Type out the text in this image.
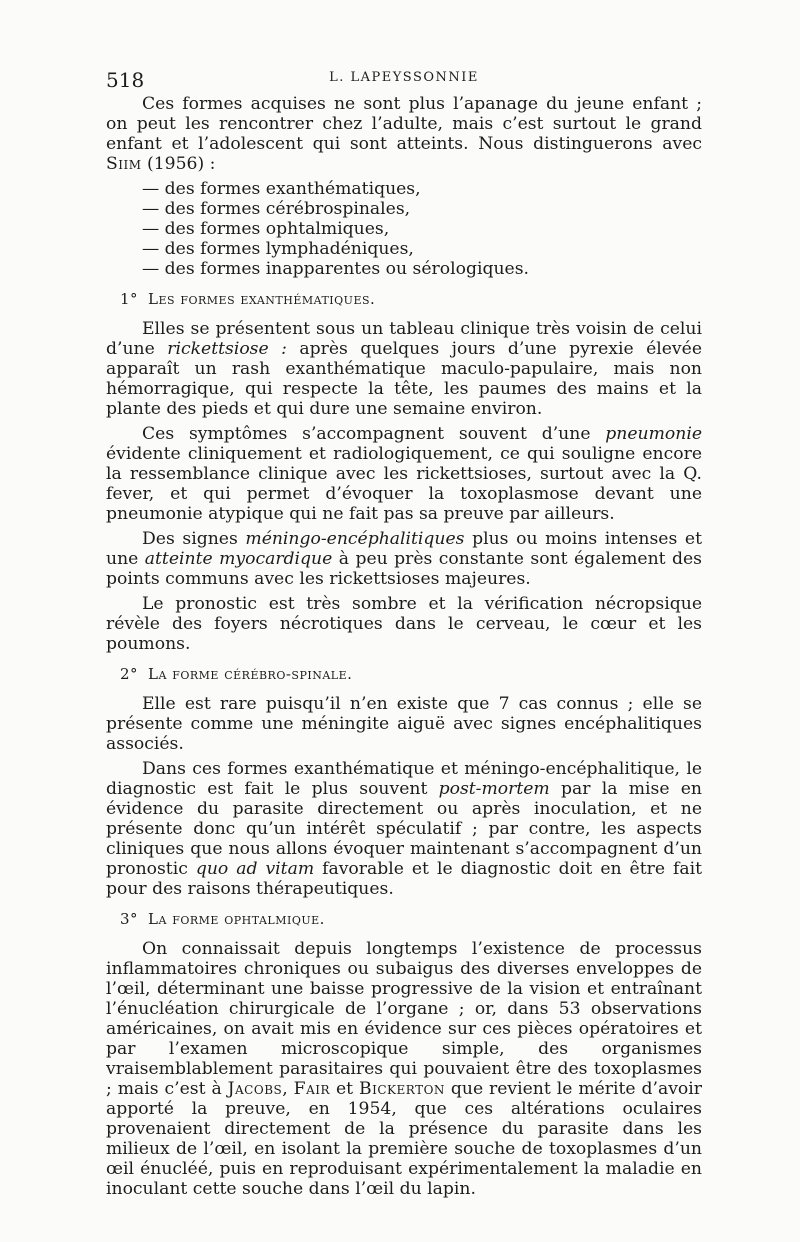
518	L. LAPEYSSONNIE

Ces formes acquises ne sont plus l’apanage du jeune enfant ; on peut les rencontrer chez l’adulte, mais c’est surtout le grand enfant et l’adolescent qui sont atteints. Nous distinguerons avec Siim (1956) :

— des formes exanthématiques,
— des formes cérébrospinales,
— des formes ophtalmiques,
— des formes lymphadéniques,
— des formes inapparentes ou sérologiques.
1° Les formes exanthématiques.

Elles se présentent sous un tableau clinique très voisin de celui d’une rickettsiose : après quelques jours d’une pyrexie élevée apparaît un rash exanthématique maculo-papulaire, mais non hémorragique, qui respecte la tête, les paumes des mains et la plante des pieds et qui dure une semaine environ.

Ces symptômes s’accompagnent souvent d’une pneumonie évidente cliniquement et radiologiquement, ce qui souligne encore la ressemblance clinique avec les rickettsioses, surtout avec la Q. fever, et qui permet d’évoquer la toxoplasmose devant une pneumonie atypique qui ne fait pas sa preuve par ailleurs.

Des signes méningo-encéphalitiques plus ou moins intenses et une atteinte myocardique à peu près constante sont également des points communs avec les rickettsioses majeures.

Le pronostic est très sombre et la vérification nécropsique révèle des foyers nécrotiques dans le cerveau, le cœur et les poumons.

2° La forme cérébro-spinale.

Elle est rare puisqu’il n’en existe que 7 cas connus ; elle se présente comme une méningite aiguë avec signes encéphalitiques associés.

Dans ces formes exanthématique et méningo-encéphalitique, le diagnostic est fait le plus souvent post-mortem par la mise en évidence du parasite directement ou après inoculation, et ne présente donc qu’un intérêt spéculatif ; par contre, les aspects cliniques que nous allons évoquer maintenant s’accompagnent d’un pronostic quo ad vitam favorable et le diagnostic doit en être fait pour des raisons thérapeutiques.

3° La forme ophtalmique.

On connaissait depuis longtemps l’existence de processus inflammatoires chroniques ou subaigus des diverses enveloppes de l’œil, déterminant une baisse progressive de la vision et entraînant l’énucléation chirurgicale de l’organe ; or, dans 53 observations américaines, on avait mis en évidence sur ces pièces opératoires et par l’examen microscopique simple, des organismes vraisemblablement parasitaires qui pouvaient être des toxoplasmes ; mais c’est à Jacobs, Fair et Bickerton que revient le mérite d’avoir apporté la preuve, en 1954, que ces altérations oculaires provenaient directement de la présence du parasite dans les milieux de l’œil, en isolant la première souche de toxoplasmes d’un œil énucléé, puis en reproduisant expérimentalement la maladie en inoculant cette souche dans l’œil du lapin.
